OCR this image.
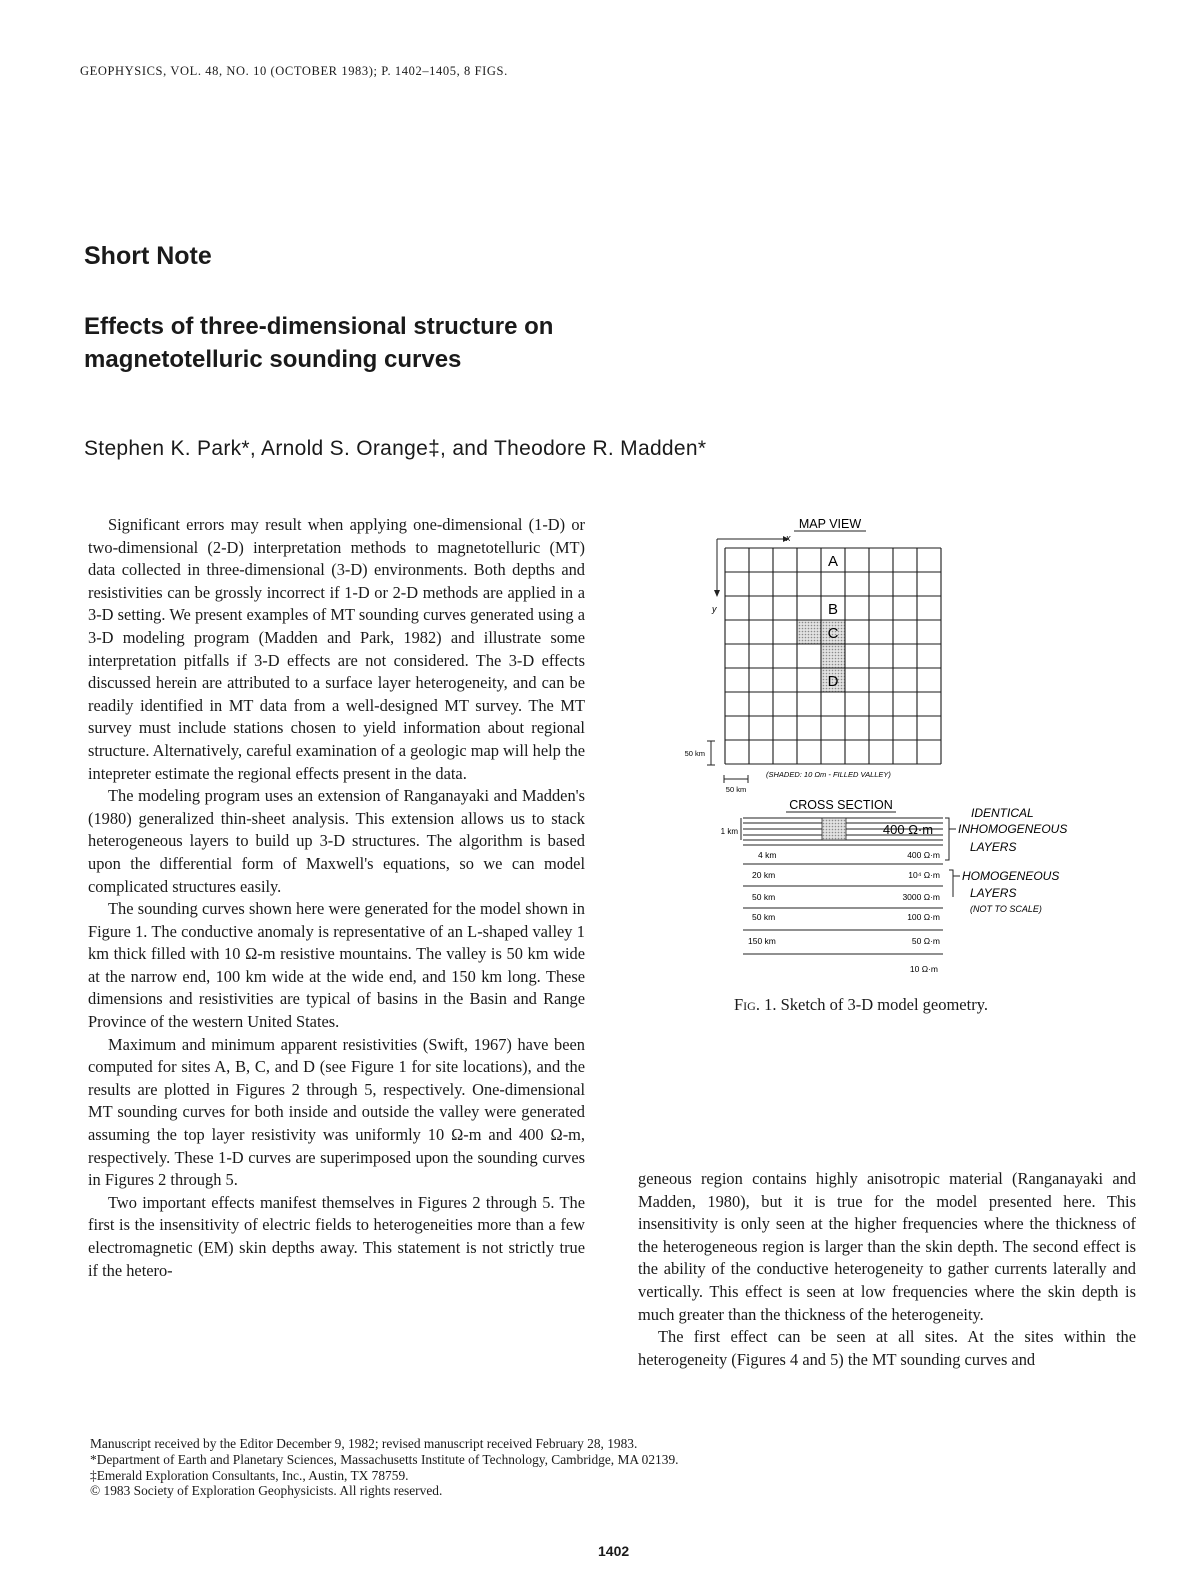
GEOPHYSICS, VOL. 48, NO. 10 (OCTOBER 1983); P. 1402–1405, 8 FIGS.
Short Note
Effects of three-dimensional structure on
magnetotelluric sounding curves
Stephen K. Park*, Arnold S. Orange‡, and Theodore R. Madden*

Significant errors may result when applying one-dimensional (1-D) or two-dimensional (2-D) interpretation methods to magnetotelluric (MT) data collected in three-dimensional (3-D) environments. Both depths and resistivities can be grossly incorrect if 1-D or 2-D methods are applied in a 3-D setting. We present examples of MT sounding curves generated using a 3-D modeling program (Madden and Park, 1982) and illustrate some interpretation pitfalls if 3-D effects are not considered. The 3-D effects discussed herein are attributed to a surface layer heterogeneity, and can be readily identified in MT data from a well-designed MT survey. The MT survey must include stations chosen to yield information about regional structure. Alternatively, careful examination of a geologic map will help the intepreter estimate the regional effects present in the data.

The modeling program uses an extension of Ranganayaki and Madden's (1980) generalized thin-sheet analysis. This extension allows us to stack heterogeneous layers to build up 3-D structures. The algorithm is based upon the differential form of Maxwell's equations, so we can model complicated structures easily.

The sounding curves shown here were generated for the model shown in Figure 1. The conductive anomaly is representative of an L-shaped valley 1 km thick filled with 10 Ω-m resistive mountains. The valley is 50 km wide at the narrow end, 100 km wide at the wide end, and 150 km long. These dimensions and resistivities are typical of basins in the Basin and Range Province of the western United States.

Maximum and minimum apparent resistivities (Swift, 1967) have been computed for sites A, B, C, and D (see Figure 1 for site locations), and the results are plotted in Figures 2 through 5, respectively. One-dimensional MT sounding curves for both inside and outside the valley were generated assuming the top layer resistivity was uniformly 10 Ω-m and 400 Ω-m, respectively. These 1-D curves are superimposed upon the sounding curves in Figures 2 through 5.

Two important effects manifest themselves in Figures 2 through 5. The first is the insensitivity of electric fields to heterogeneities more than a few electromagnetic (EM) skin depths away. This statement is not strictly true if the hetero-

MAP VIEW
x
y
A
B
C
D
50 km
50 km
(SHADED: 10 Ωm - FILLED VALLEY)
CROSS SECTION
1 km	400 Ω·m
4 km	400 Ω·m
20 km	10⁴ Ω·m
50 km	3000 Ω·m
50 km	100 Ω·m
150 km	50 Ω·m
10 Ω·m
IDENTICAL
INHOMOGENEOUS
LAYERS
HOMOGENEOUS
LAYERS
(NOT TO SCALE)
Fig. 1. Sketch of 3-D model geometry.

geneous region contains highly anisotropic material (Ranganayaki and Madden, 1980), but it is true for the model presented here. This insensitivity is only seen at the higher frequencies where the thickness of the heterogeneous region is larger than the skin depth. The second effect is the ability of the conductive heterogeneity to gather currents laterally and vertically. This effect is seen at low frequencies where the skin depth is much greater than the thickness of the heterogeneity.

The first effect can be seen at all sites. At the sites within the heterogeneity (Figures 4 and 5) the MT sounding curves and

Manuscript received by the Editor December 9, 1982; revised manuscript received February 28, 1983.
*Department of Earth and Planetary Sciences, Massachusetts Institute of Technology, Cambridge, MA 02139.
‡Emerald Exploration Consultants, Inc., Austin, TX 78759.
© 1983 Society of Exploration Geophysicists. All rights reserved.
1402
